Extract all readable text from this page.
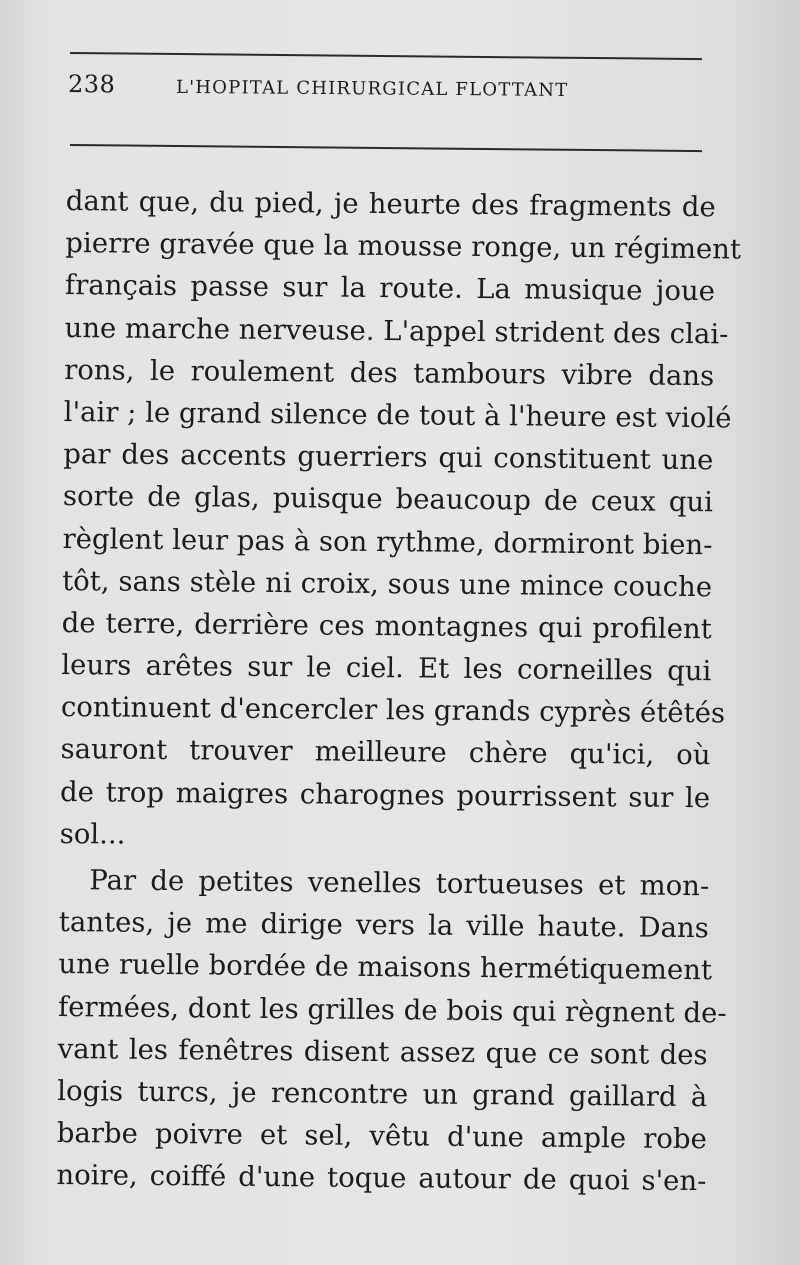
238	L'HOPITAL CHIRURGICAL FLOTTANT
dant que, du pied, je heurte des fragments de
pierre gravée que la mousse ronge, un régiment
français passe sur la route. La musique joue
une marche nerveuse. L'appel strident des clai-
rons, le roulement des tambours vibre dans
l'air ; le grand silence de tout à l'heure est violé
par des accents guerriers qui constituent une
sorte de glas, puisque beaucoup de ceux qui
règlent leur pas à son rythme, dormiront bien-
tôt, sans stèle ni croix, sous une mince couche
de terre, derrière ces montagnes qui profilent
leurs arêtes sur le ciel. Et les corneilles qui
continuent d'encercler les grands cyprès étêtés
sauront trouver meilleure chère qu'ici, où
de trop maigres charognes pourrissent sur le
sol...
Par de petites venelles tortueuses et mon-
tantes, je me dirige vers la ville haute. Dans
une ruelle bordée de maisons hermétiquement
fermées, dont les grilles de bois qui règnent de-
vant les fenêtres disent assez que ce sont des
logis turcs, je rencontre un grand gaillard à
barbe poivre et sel, vêtu d'une ample robe
noire, coiffé d'une toque autour de quoi s'en-
